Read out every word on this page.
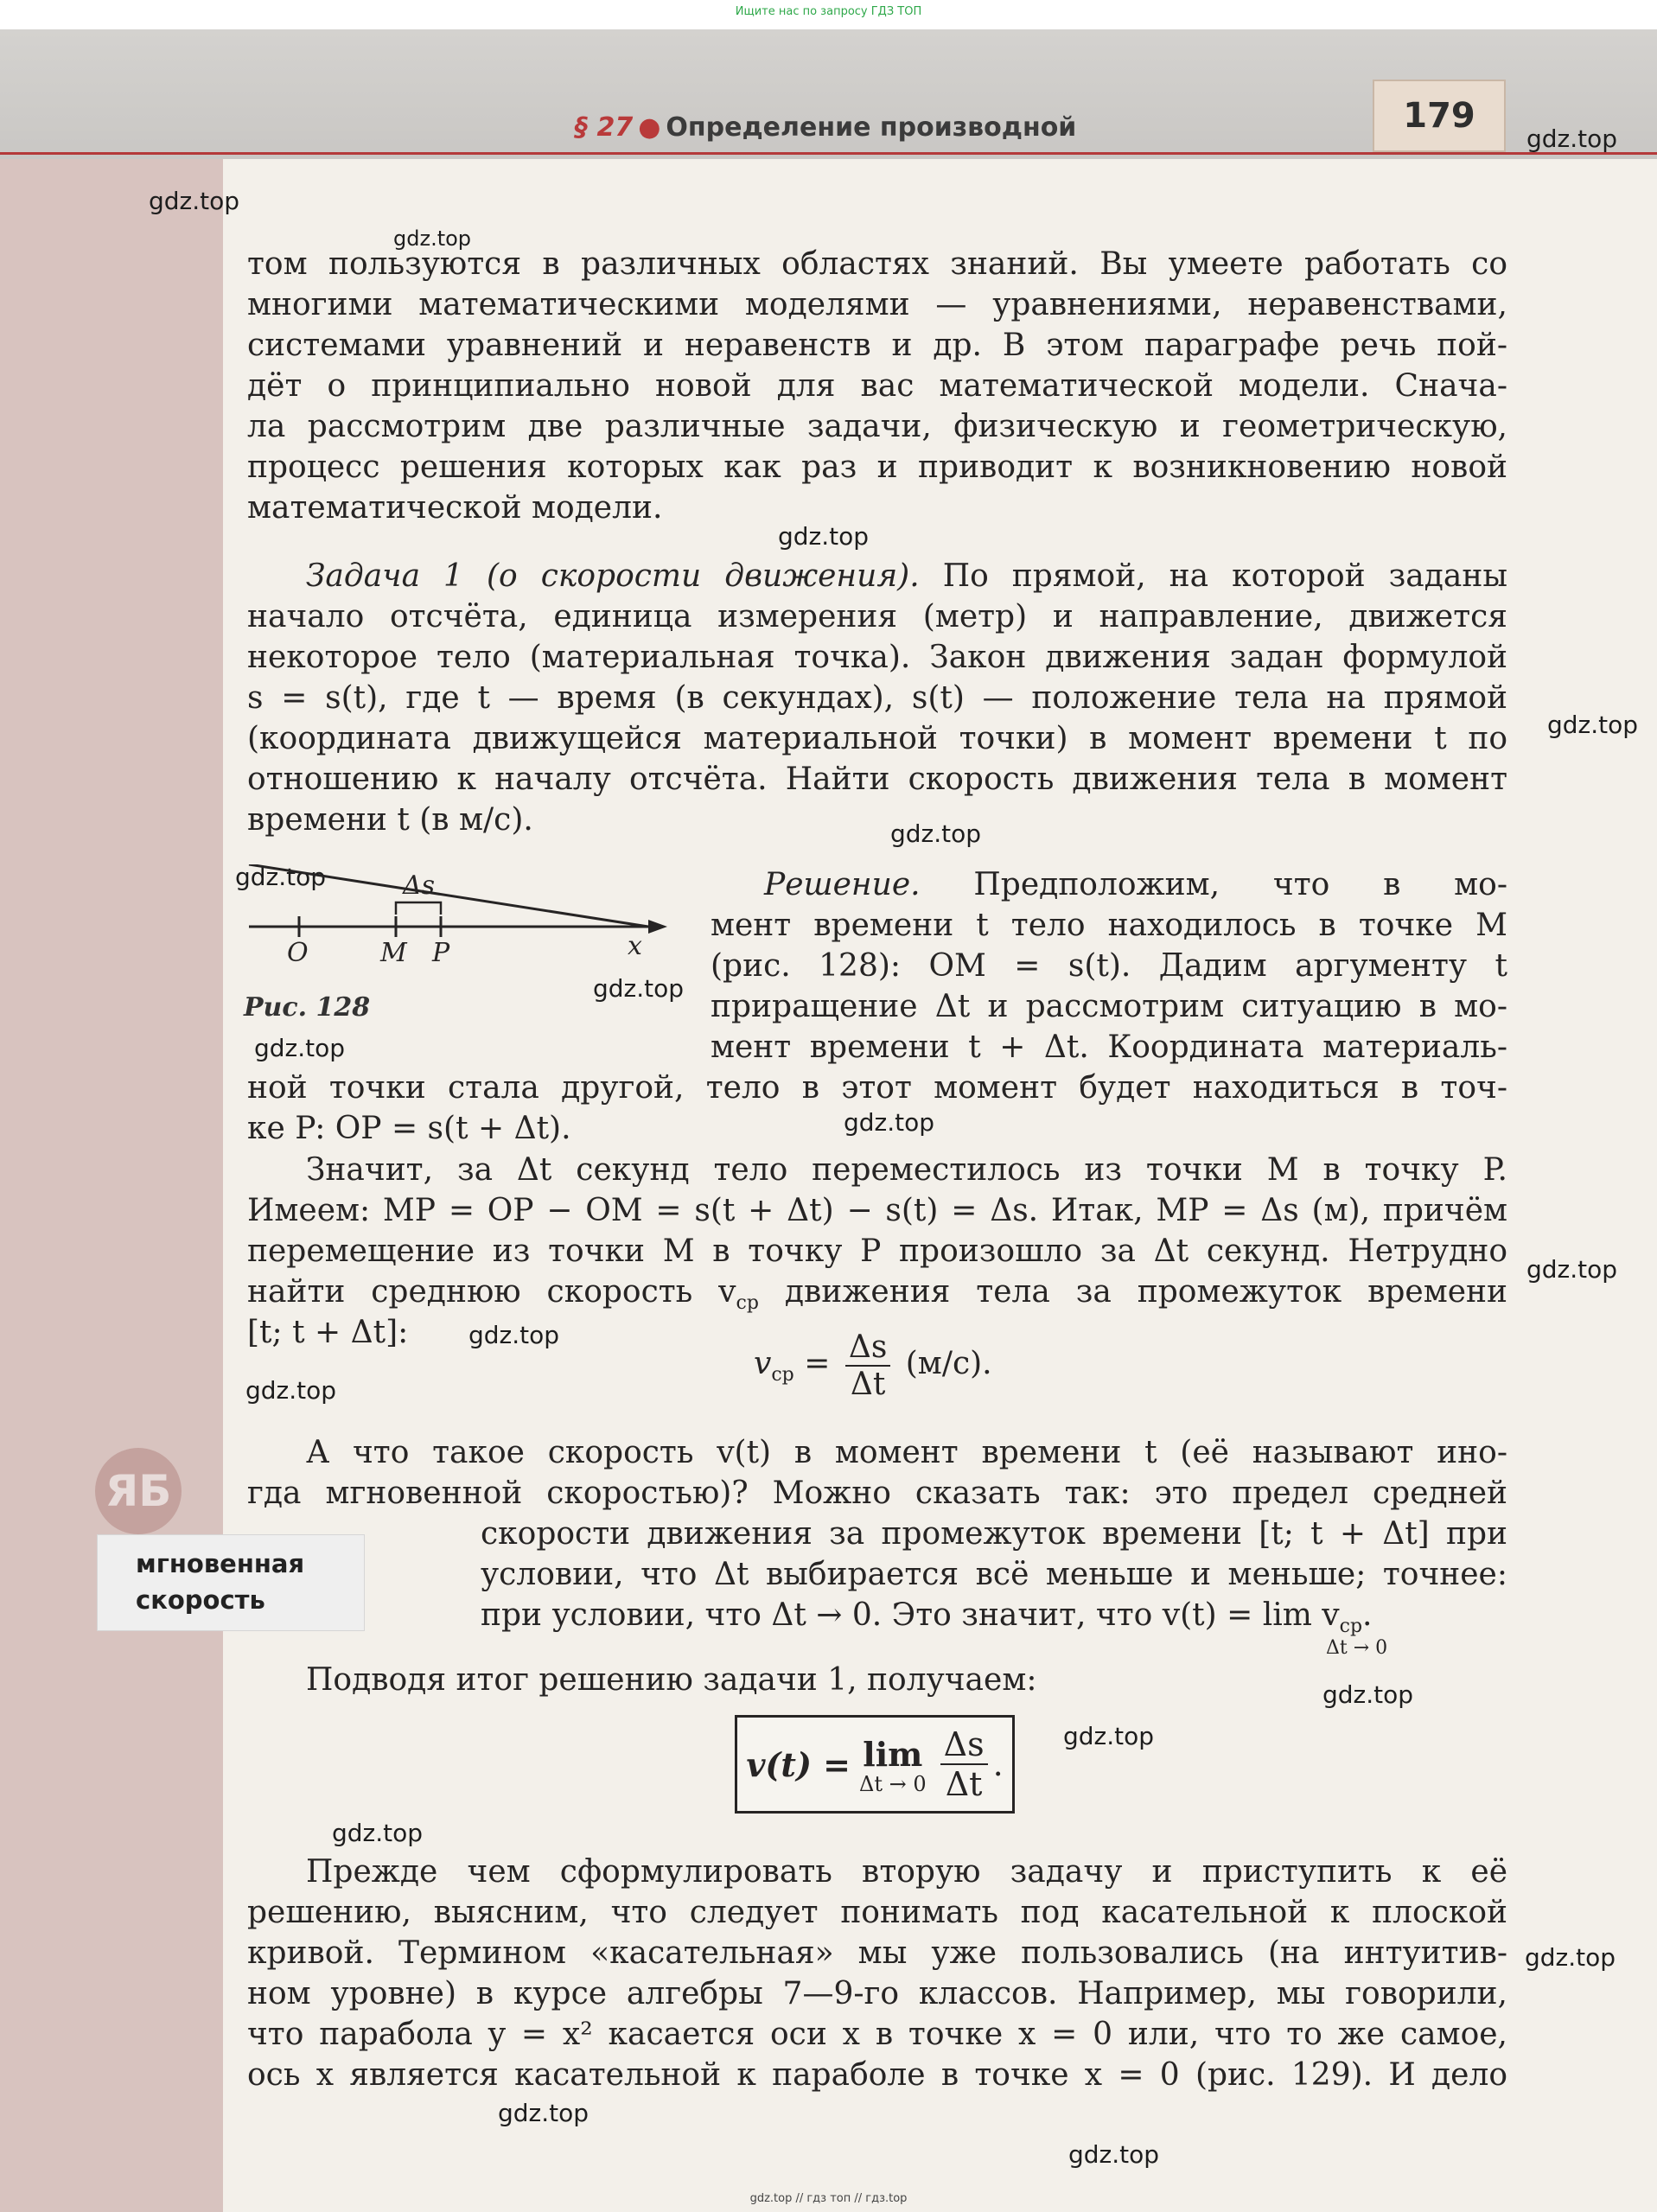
Ищите нас по запросу ГДЗ ТОП
§ 27 ● Определение производной	179
gdz.top
gdz.top
gdz.top
gdz.top
gdz.top
gdz.top
gdz.top
gdz.top
gdz.top
gdz.top
gdz.top
gdz.top
gdz.top
gdz.top
gdz.top
gdz.top
gdz.top
gdz.top
gdz.top
том пользуются в различных областях знаний. Вы умеете работать со
многими математическими моделями — уравнениями, неравенствами,
системами уравнений и неравенств и др. В этом параграфе речь пой-
дёт о принципиально новой для вас математической модели. Снача-
ла рассмотрим две различные задачи, физическую и геометрическую,
процесс решения которых как раз и приводит к возникновению новой
математической модели.
Задача 1 (о скорости движения). По прямой, на которой заданы
начало отсчёта, единица измерения (метр) и направление, движется
некоторое тело (материальная точка). Закон движения задан формулой
s = s(t), где t — время (в секундах), s(t) — положение тела на прямой
(координата движущейся материальной точки) в момент времени t по
отношению к началу отсчёта. Найти скорость движения тела в момент
времени t (в м/с).
Δs
O	M P	x
Рис. 128
Решение. Предположим, что в мо-
мент времени t тело находилось в точке M
(рис. 128): OM = s(t). Дадим аргументу t
приращение Δt и рассмотрим ситуацию в мо-
мент времени t + Δt. Координата материаль-
ной точки стала другой, тело в этот момент будет находиться в точ-
ке P: OP = s(t + Δt).
Значит, за Δt секунд тело переместилось из точки M в точку P.
Имеем: MP = OP − OM = s(t + Δt) − s(t) = Δs. Итак, MP = Δs (м), причём
перемещение из точки M в точку P произошло за Δt секунд. Нетрудно
найти среднюю скорость $v_{ср}$ движения тела за промежуток времени
[t; t + Δt]:
$v_{ср} = \frac{\Delta s}{\Delta t} (м/с)$.
ЯБ
мгновенная
скорость
А что такое скорость v(t) в момент времени t (её называют ино-
гда мгновенной скоростью)? Можно сказать так: это предел средней
скорости движения за промежуток времени [t; t + Δt] при
условии, что Δt выбирается всё меньше и меньше; точнее:
при условии, что Δt → 0. Это значит, что $v(t) = \lim v_{ср}$.
Δt → 0
Подводя итог решению задачи 1, получаем:
v(t) = lim
$\Delta t \to 0 \frac{\Delta s}{\Delta t}$ .
Прежде чем сформулировать вторую задачу и приступить к её
решению, выясним, что следует понимать под касательной к плоской
кривой. Термином «касательная» мы уже пользовались (на интуитив-
ном уровне) в курсе алгебры 7—9-го классов. Например, мы говорили,
что парабола y = x² касается оси x в точке x = 0 или, что то же самое,
ось x является касательной к параболе в точке x = 0 (рис. 129). И дело
gdz.top // гдз топ // гдз.top
